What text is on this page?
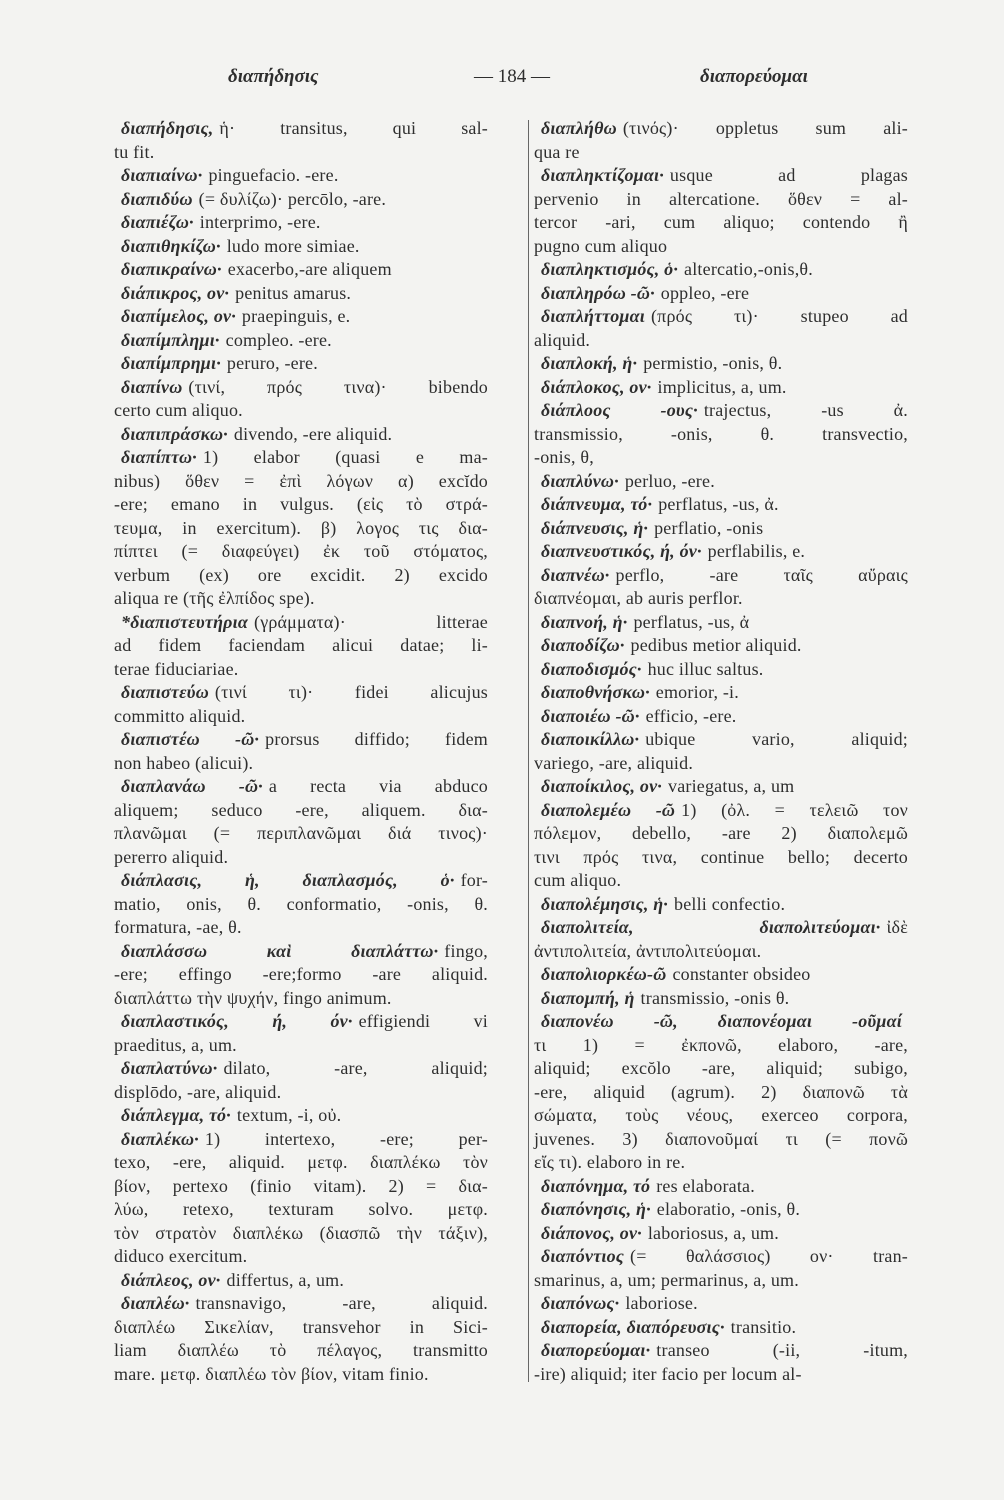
διαπήδησις	— 184 —	διαπορεύομαι
διαπήδησις, ἡ· transitus, qui sal-
tu fit.
διαπιαίνω· pinguefacio. -ere.
διαπιδύω (= δυλίζω)· percōlo, -are.
διαπιέζω· interprimo, -ere.
διαπιθηκίζω· ludo more simiae.
διαπικραίνω· exacerbo,-are aliquem
διάπικρος, ον· penitus amarus.
διαπίμελος, ον· praepinguis, e.
διαπίμπλημι· compleo. -ere.
διαπίμπρημι· peruro, -ere.
διαπίνω (τινί, πρός τινα)· bibendo
certo cum aliquo.
διαπιπράσκω· divendo, -ere aliquid.
διαπίπτω· 1) elabor (quasi e ma-
nibus) ὅθεν = ἐπὶ λόγων α) excĭdo
-ere; emano in vulgus. (εἰς τὸ στρά-
τευμα, in exercitum). β) λογος τις δια-
πίπτει (= διαφεύγει) ἐκ τοῦ στόματος,
verbum (ex) ore excidit. 2) excido
aliqua re (τῆς ἐλπίδος spe).
*διαπιστευτήρια (γράμματα)· litterae
ad fidem faciendam alicui datae; li-
terae fiduciariae.
διαπιστεύω (τινί τι)· fidei alicujus
committo aliquid.
διαπιστέω -ῶ· prorsus diffido; fidem
non habeo (alicui).
διαπλανάω -ῶ· a recta via abduco
aliquem; seduco -ere, aliquem. δια-
πλανῶμαι (= περιπλανῶμαι διά τινος)·
pererro aliquid.
διάπλασις, ἡ, διαπλασμός, ὁ· for-
matio, onis, θ. conformatio, -onis, θ.
formatura, -ae, θ.
διαπλάσσω καὶ διαπλάττω· fingo,
-ere; effingo -ere;formo -are aliquid.
διαπλάττω τὴν ψυχήν, fingo animum.
διαπλαστικός, ή, όν· effigiendi vi
praeditus, a, um.
διαπλατύνω· dilato, -are, aliquid;
displōdo, -are, aliquid.
διάπλεγμα, τό· textum, -i, οὐ.
διαπλέκω· 1) intertexo, -ere; per-
texo, -ere, aliquid. μετφ. διαπλέκω τὸν
βίον, pertexo (finio vitam). 2) = δια-
λύω, retexo, texturam solvo. μετφ.
τὸν στρατὸν διαπλέκω (διασπῶ τὴν τάξιν),
diduco exercitum.
διάπλεος, ον· differtus, a, um.
διαπλέω· transnavigo, -are, aliquid.
διαπλέω Σικελίαν, transvehor in Sici-
liam διαπλέω τὸ πέλαγος, transmitto
mare. μετφ. διαπλέω τὸν βίον, vitam finio.
διαπλήθω (τινός)· oppletus sum ali-
qua re
διαπληκτίζομαι· usque ad plagas
pervenio in altercatione. ὅθεν = al-
tercor -ari, cum aliquo; contendo ἢ
pugno cum aliquo
διαπληκτισμός, ὁ· altercatio,-onis,θ.
διαπληρόω -ῶ· oppleo, -ere
διαπλήττομαι (πρός τι)· stupeo ad
aliquid.
διαπλοκή, ἡ· permistio, -onis, θ.
διάπλοκος, ον· implicitus, a, um.
διάπλοος -ους· trajectus, -us ἀ.
transmissio, -onis, θ. transvectio,
-onis, θ,
διαπλύνω· perluo, -ere.
διάπνευμα, τό· perflatus, -us, ἀ.
διάπνευσις, ἡ· perflatio, -onis
διαπνευστικός, ή, όν· perflabilis, e.
διαπνέω· perflo, -are ταῖς αὔραις
διαπνέομαι, ab auris perflor.
διαπνοή, ἡ· perflatus, -us, ἀ
διαποδίζω· pedibus metior aliquid.
διαποδισμός· huc illuc saltus.
διαποθνήσκω· emorior, -i.
διαποιέω -ῶ· efficio, -ere.
διαποικίλλω· ubique vario, aliquid;
variego, -are, aliquid.
διαποίκιλος, ον· variegatus, a, um
διαπολεμέω -ῶ 1) (ὀλ. = τελειῶ τον
πόλεμον, debello, -are 2) διαπολεμῶ
τινι πρός τινα, continue bello; decerto
cum aliquo.
διαπολέμησις, ἡ· belli confectio.
διαπολιτεία, διαπολιτεύομαι· ἰδὲ
ἀντιπολιτεία, ἀντιπολιτεύομαι.
διαπολιορκέω-ῶ constanter obsideo
διαπομπή, ἡ transmissio, -onis θ.
διαπονέω -ῶ, διαπονέομαι -οῦμαί
τι 1) = ἐκπονῶ, elaboro, -are,
aliquid; excŏlo -are, aliquid; subigo,
-ere, aliquid (agrum). 2) διαπονῶ τὰ
σώματα, τοὺς νέους, exerceo corpora,
juvenes. 3) διαπονοῦμαί τι (= πονῶ
εἴς τι). elaboro in re.
διαπόνημα, τό res elaborata.
διαπόνησις, ἡ· elaboratio, -onis, θ.
διάπονος, ον· laboriosus, a, um.
διαπόντιος (= θαλάσσιος) ον· tran-
smarinus, a, um; permarinus, a, um.
διαπόνως· laboriose.
διαπορεία, διαπόρευσις· transitio.
διαπορεύομαι· transeo (-ii, -itum,
-ire) aliquid; iter facio per locum al-
